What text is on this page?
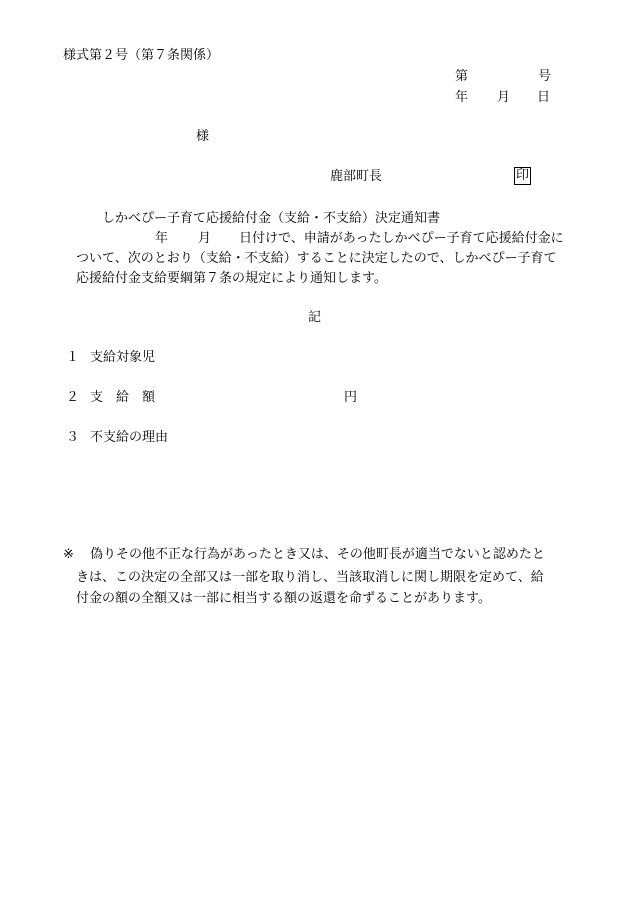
様式第２号（第７条関係）

第	号

年 月 日

様

鹿部町長	印

しかべぴー子育て応援給付金（支給・不支給）決定通知書

年 月 日付けで、申請があったしかべぴー子育て応援給付金に

ついて、次のとおり（支給・不支給）することに決定したので、しかべぴー子育て

応援給付金支給要綱第７条の規定により通知します。

記

１ 支給対象児

２ 支　給　額	円

３ 不支給の理由

※ 偽りその他不正な行為があったとき又は、その他町長が適当でないと認めたと

きは、この決定の全部又は一部を取り消し、当該取消しに関し期限を定めて、給

付金の額の全額又は一部に相当する額の返還を命ずることがあります。
